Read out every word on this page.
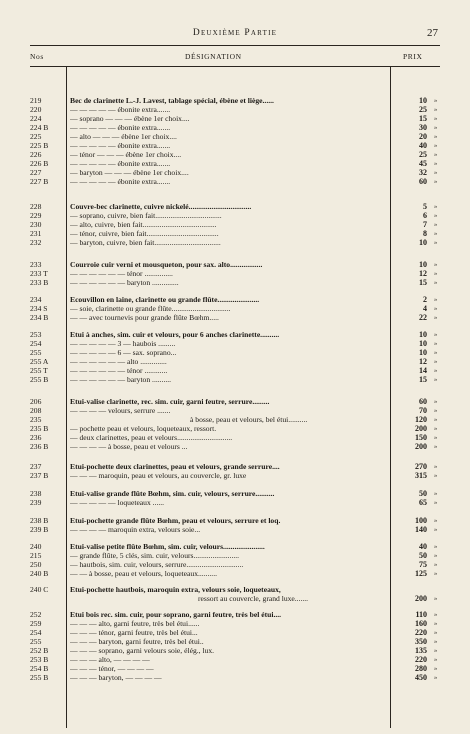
Deuxième Partie	27
Nos	DÉSIGNATION	PRIX
219	Bec de clarinette L.-J. Lavest, tablage spécial, ébène et liège......	10 »
220	— — — — — ébonite extra.......	25 »
224	— soprano — — — ébène 1er choix....	15 »
224 B	— — — — — ébonite extra.......	30 »
225	— alto — — — ébène 1er choix....	20 »
225 B	— — — — — ébonite extra.......	40 »
226	— ténor — — — ébène 1er choix....	25 »
226 B	— — — — — ébonite extra.......	45 »
227	— baryton — — — ébène 1er choix....	32 »
227 B	— — — — — ébonite extra.......	60 »
228	Couvre-bec clarinette, cuivre nickelé.................................	5 »
229	— soprano, cuivre, bien fait...................................	6 »
230	— alto, cuivre, bien fait.......................................	7 »
231	— ténor, cuivre, bien fait......................................	8 »
232	— baryton, cuivre, bien fait...................................	10 »
233	Courroie cuir verni et mousqueton, pour sax. alto.................	10 »
233 T	— — — — — — ténor ...............	12 »
233 B	— — — — — — baryton ..............	15 »
234	Ecouvillon en laine, clarinette ou grande flûte......................	2 »
234 S	— soie, clarinette ou grande flûte...............................	4 »
234 B	— — avec tournevis pour grande flûte Bœhm.....	22 »
253	Etui à anches, sim. cuir et velours, pour 6 anches clarinette..........	10 »
254	— — — — — 3 — haubois .........	10 »
255	— — — — — 6 — sax. soprano...	10 »
255 A	— — — — — — alto ..............	12 »
255 T	— — — — — — ténor ............	14 »
255 B	— — — — — — baryton ..........	15 »
206	Etui-valise clarinette, rec. sim. cuir, garni feutre, serrure.........	60 »
208	— — — — velours, serrure .......	70 »
235	à bosse, peau et velours, bel étui..........	120 »
235 B	— pochette peau et velours, loqueteaux, ressort.	200 »
236	— deux clarinettes, peau et velours.............................	150 »
236 B	— — — — à bosse, peau et velours ...	200 »
237	Etui-pochette deux clarinettes, peau et velours, grande serrure....	270 »
237 B	— — — maroquin, peau et velours, au couvercle, gr. luxe	315 »
238	Etui-valise grande flûte Bœhm, sim. cuir, velours, serrure..........	50 »
239	— — — — — loqueteaux ......	65 »
238 B	Etui-pochette grande flûte Bœhm, peau et velours, serrure et loq.	100 »
239 B	— — — — maroquin extra, velours soie...	140 »
240	Etui-valise petite flûte Bœhm, sim. cuir, velours......................	40 »
215	— grande flûte, 5 clés, sim. cuir, velours........................	50 »
250	— hautbois, sim. cuir, velours, serrure..............................	75 »
240 B	— — à bosse, peau et velours, loqueteaux..........	125 »
240 C	Etui-pochette hautbois, maroquin extra, velours soie, loqueteaux,
ressort au couvercle, grand luxe.......	200 »
252	Etui bois rec. sim. cuir, pour soprano, garni feutre, très bel étui....	110 »
259	— — — alto, garni feutre, très bel étui......	160 »
254	— — — ténor, garni feutre, très bel étui...	220 »
255	— — — baryton, garni feutre, très bel étui..	350 »
252 B	— — — soprano, garni velours soie, élég., lux.	135 »
253 B	— — — alto, — — — —	220 »
254 B	— — — ténor, — — — —	280 »
255 B	— — — baryton, — — — —	450 »
